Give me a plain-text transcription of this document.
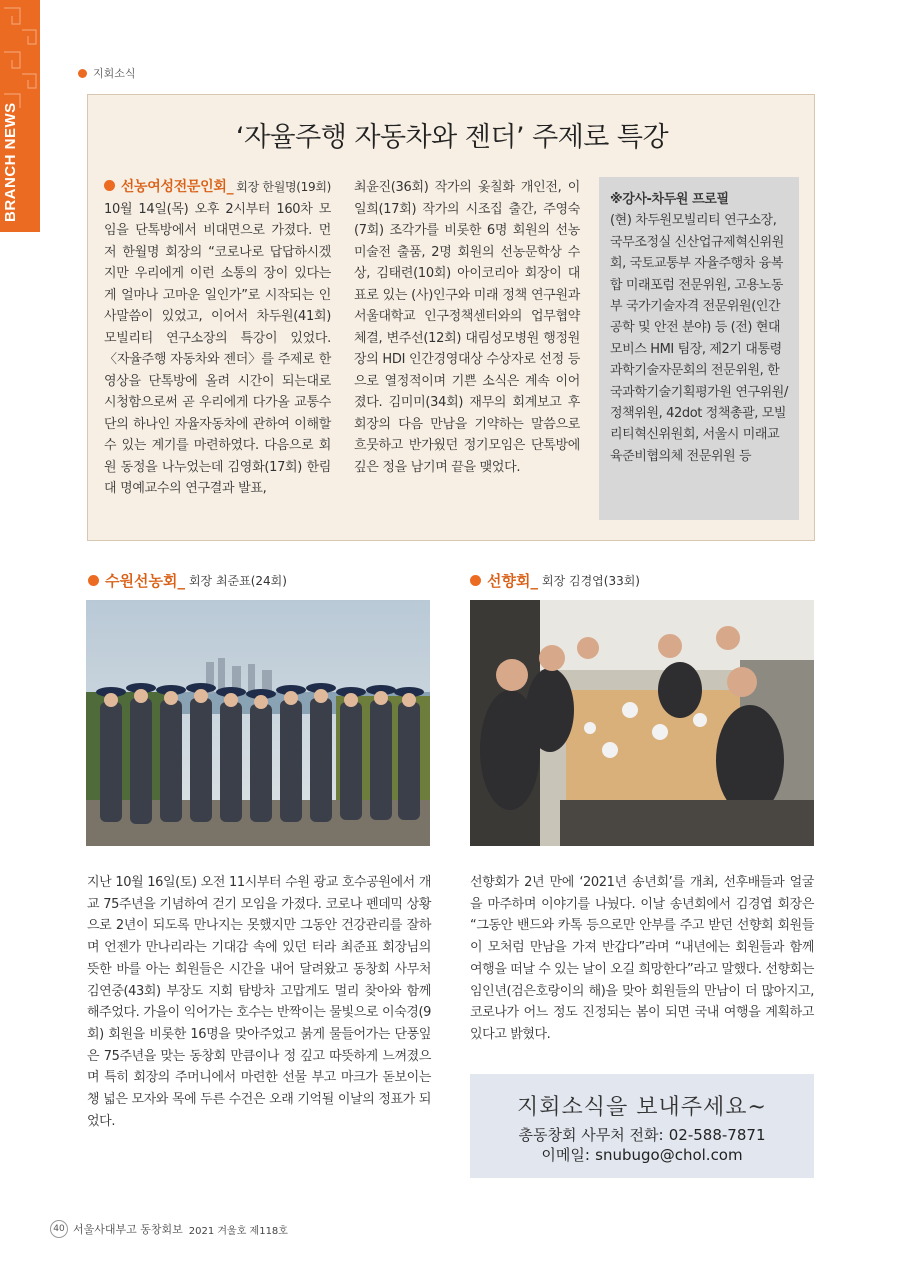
BRANCH NEWS
지회소식
‘자율주행 자동차와 젠더’ 주제로 특강
선농여성전문인회_ 회장 한월명(19회)

10월 14일(목) 오후 2시부터 160차 모임을 단톡방에서 비대면으로 가졌다. 먼저 한월명 회장의 “코로나로 답답하시겠지만 우리에게 이런 소통의 장이 있다는게 얼마나 고마운 일인가”로 시작되는 인사말씀이 있었고, 이어서 차두원(41회) 모빌리티 연구소장의 특강이 있었다. 〈자율주행 자동차와 젠더〉를 주제로 한 영상을 단톡방에 올려 시간이 되는대로 시청함으로써 곧 우리에게 다가올 교통수단의 하나인 자율자동차에 관하여 이해할 수 있는 계기를 마련하였다. 다음으로 회원 동정을 나누었는데 김영화(17회) 한림대 명예교수의 연구결과 발표,

최윤진(36회) 작가의 옻칠화 개인전, 이일희(17회) 작가의 시조집 출간, 주영숙(7회) 조각가를 비롯한 6명 회원의 선농미술전 출품, 2명 회원의 선농문학상 수상, 김태련(10회) 아이코리아 회장이 대표로 있는 (사)인구와 미래 정책 연구원과 서울대학교 인구정책센터와의 업무협약 체결, 변주선(12회) 대림성모병원 행정원장의 HDI 인간경영대상 수상자로 선정 등으로 열정적이며 기쁜 소식은 계속 이어졌다. 김미미(34회) 재무의 회계보고 후 회장의 다음 만남을 기약하는 말씀으로 흐뭇하고 반가웠던 정기모임은 단톡방에 깊은 정을 남기며 끝을 맺었다.

※강사-차두원 프로필

(현) 차두원모빌리티 연구소장, 국무조정실 신산업규제혁신위원회, 국토교통부 자율주행차 융복합 미래포럼 전문위원, 고용노동부 국가기술자격 전문위원(인간공학 및 안전 분야) 등 (전) 현대모비스 HMI 팀장, 제2기 대통령 과학기술자문회의 전문위원, 한국과학기술기획평가원 연구위원/정책위원, 42dot 정책총괄, 모빌리티혁신위원회, 서울시 미래교육준비협의체 전문위원 등

수원선농회_ 회장 최준표(24회)	선향회_ 회장 김경엽(33회)
지난 10월 16일(토) 오전 11시부터 수원 광교 호수공원에서 개교 75주년을 기념하여 걷기 모임을 가졌다. 코로나 펜데믹 상황으로 2년이 되도록 만나지는 못했지만 그동안 건강관리를 잘하며 언젠가 만나리라는 기대감 속에 있던 터라 최준표 회장님의 뜻한 바를 아는 회원들은 시간을 내어 달려왔고 동창회 사무처 김연중(43회) 부장도 지회 탐방차 고맙게도 멀리 찾아와 함께 해주었다. 가을이 익어가는 호수는 반짝이는 물빛으로 이숙경(9회) 회원을 비롯한 16명을 맞아주었고 붉게 물들어가는 단풍잎은 75주년을 맞는 동창회 만큼이나 정 깊고 따뜻하게 느껴졌으며 특히 회장의 주머니에서 마련한 선물 부고 마크가 돋보이는 챙 넓은 모자와 목에 두른 수건은 오래 기억될 이날의 정표가 되었다.
선향회가 2년 만에 ‘2021년 송년회’를 개최, 선후배들과 얼굴을 마주하며 이야기를 나눴다. 이날 송년회에서 김경엽 회장은 “그동안 밴드와 카톡 등으로만 안부를 주고 받던 선향회 회원들이 모처럼 만남을 가져 반갑다”라며 “내년에는 회원들과 함께 여행을 떠날 수 있는 날이 오길 희망한다”라고 말했다. 선향회는 임인년(검은호랑이의 해)을 맞아 회원들의 만남이 더 많아지고, 코로나가 어느 정도 진정되는 봄이 되면 국내 여행을 계획하고 있다고 밝혔다.
지회소식을 보내주세요~
총동창회 사무처 전화: 02-588-7871
이메일: snubugo@chol.com
40 서울사대부고 동창회보 2021 겨울호 제118호
